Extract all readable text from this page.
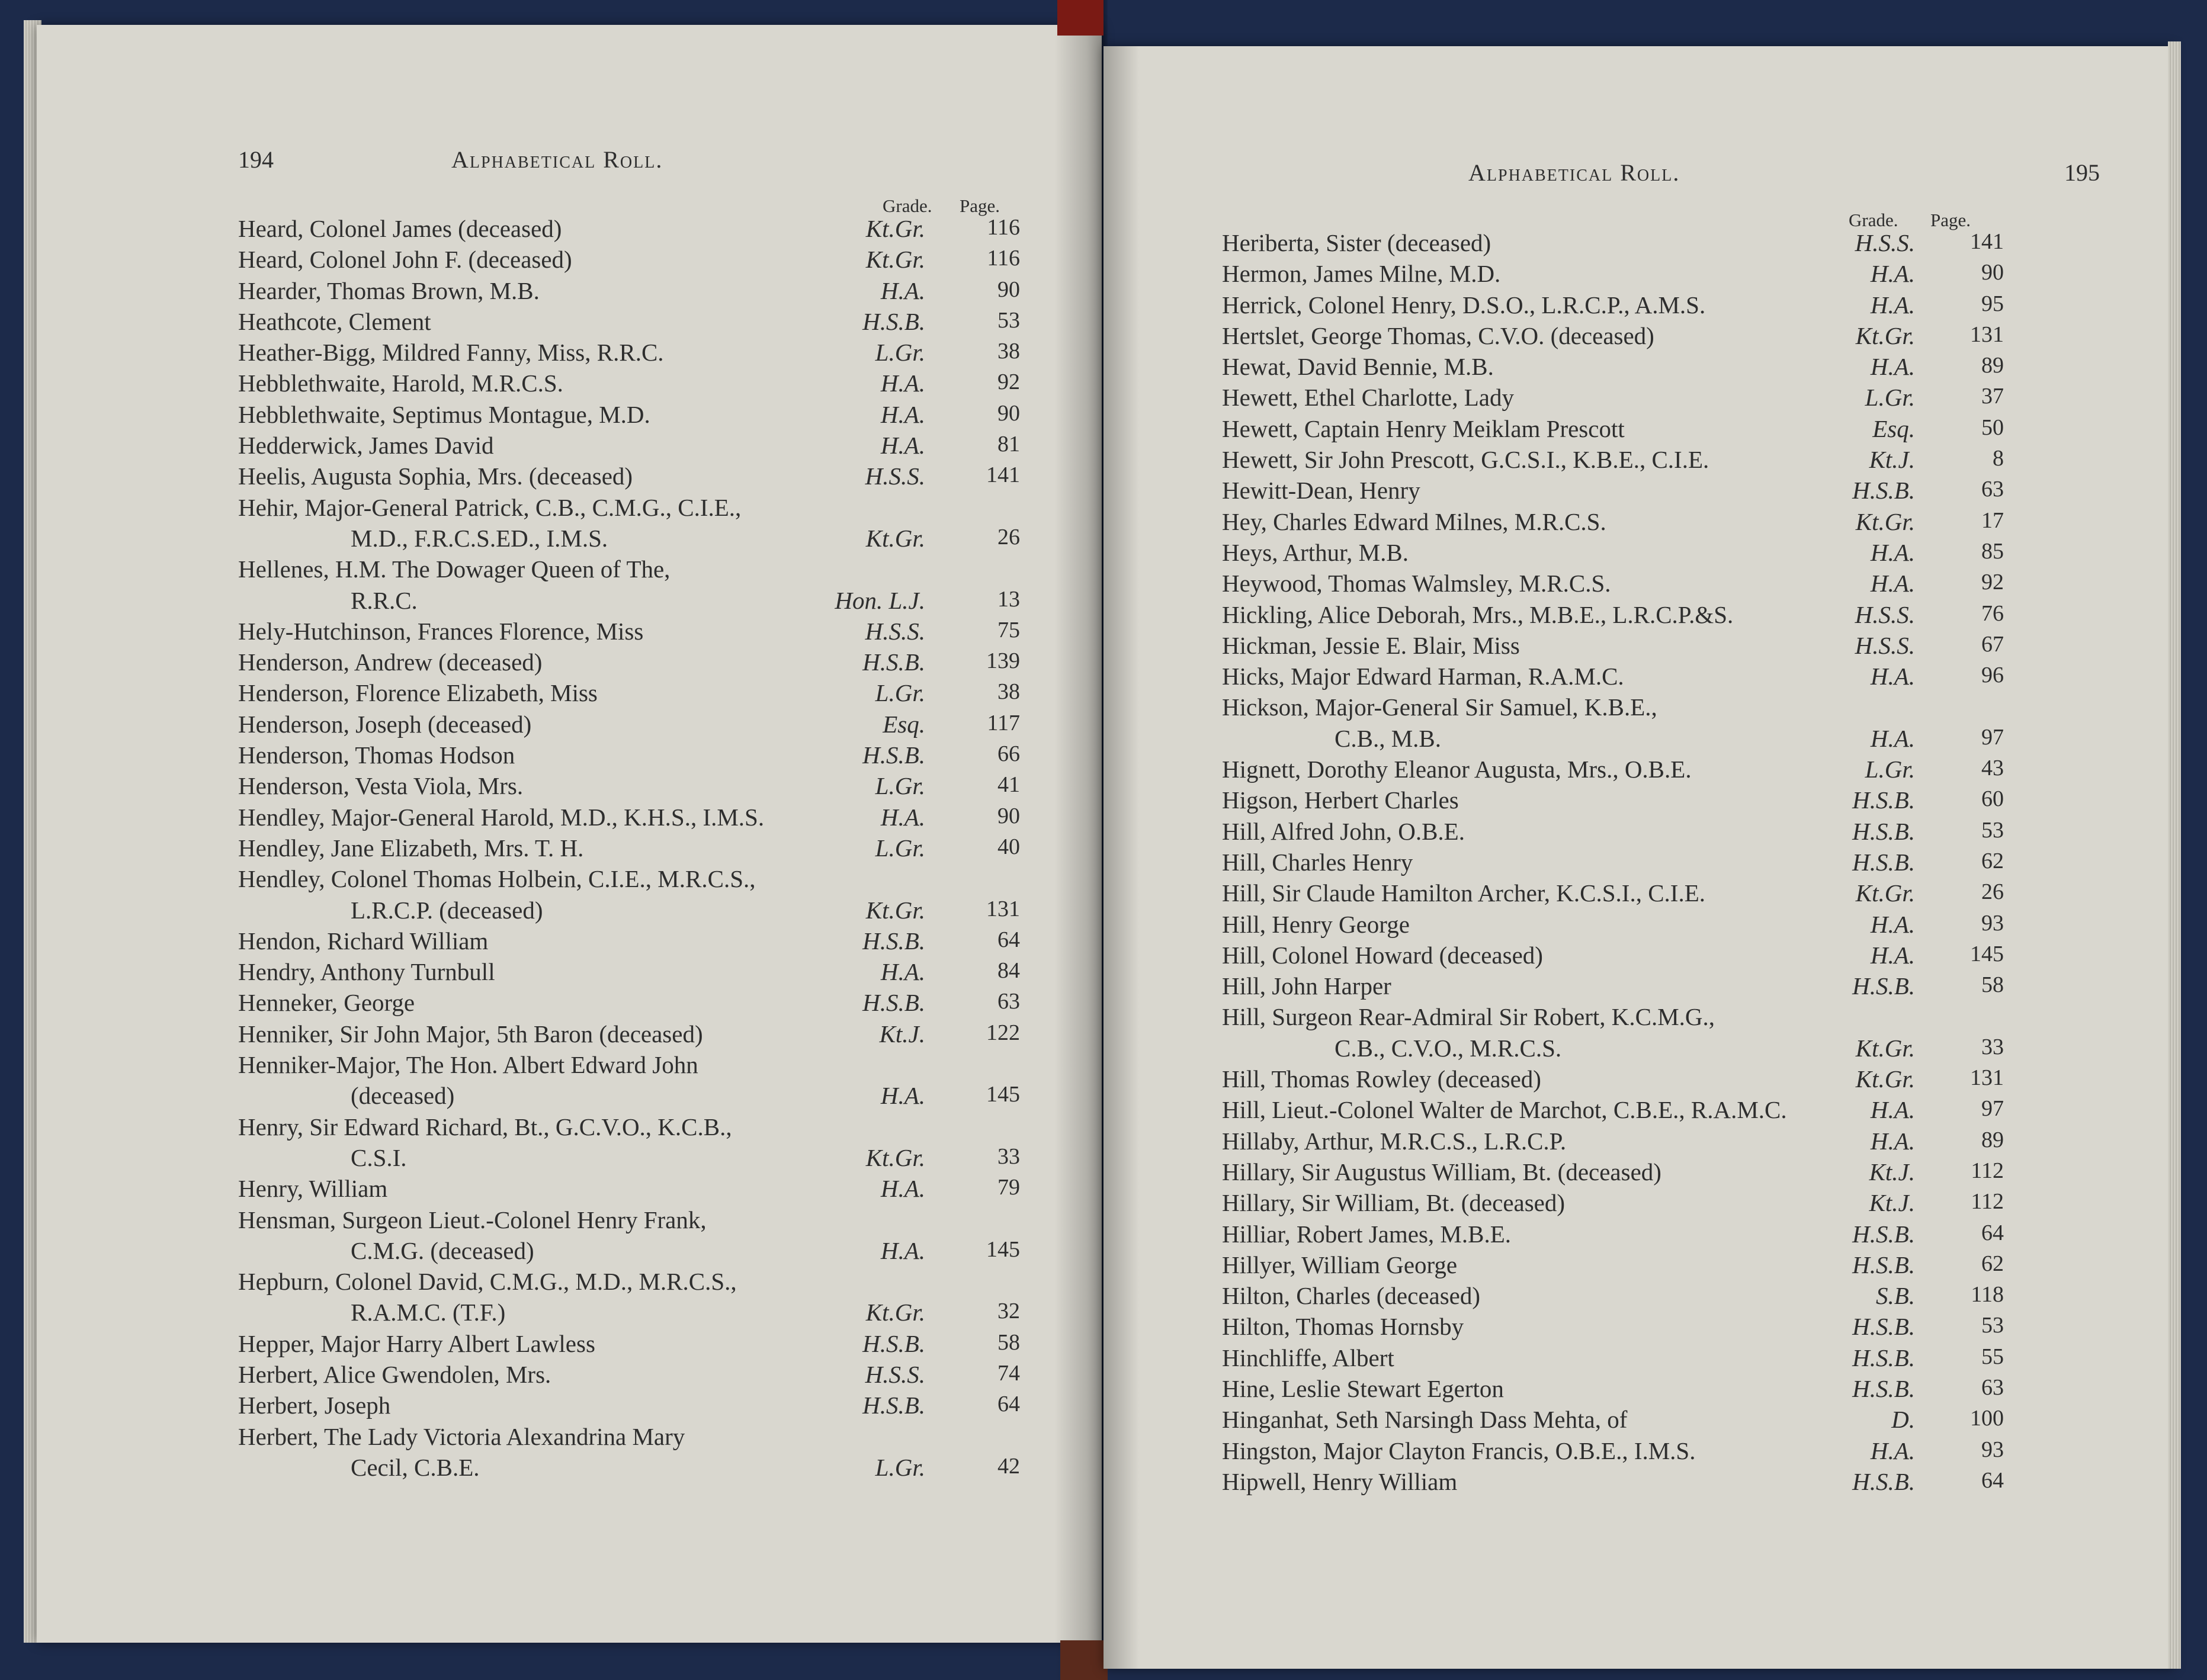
194	Alphabetical Roll.
Grade. Page.
Heard, Colonel James (deceased)	Kt.Gr.	116
Heard, Colonel John F. (deceased)	Kt.Gr.	116
Hearder, Thomas Brown, M.B.	H.A.	90
Heathcote, Clement	H.S.B.	53
Heather-Bigg, Mildred Fanny, Miss, R.R.C.	L.Gr.	38
Hebblethwaite, Harold, M.R.C.S.	H.A.	92
Hebblethwaite, Septimus Montague, M.D.	H.A.	90
Hedderwick, James David	H.A.	81
Heelis, Augusta Sophia, Mrs. (deceased)	H.S.S.	141
Hehir, Major-General Patrick, C.B., C.M.G., C.I.E.,
M.D., F.R.C.S.ED., I.M.S.	Kt.Gr.	26
Hellenes, H.M. The Dowager Queen of The,
R.R.C.	Hon. L.J.	13
Hely-Hutchinson, Frances Florence, Miss	H.S.S.	75
Henderson, Andrew (deceased)	H.S.B.	139
Henderson, Florence Elizabeth, Miss	L.Gr.	38
Henderson, Joseph (deceased)	Esq.	117
Henderson, Thomas Hodson	H.S.B.	66
Henderson, Vesta Viola, Mrs.	L.Gr.	41
Hendley, Major-General Harold, M.D., K.H.S., I.M.S.	H.A.	90
Hendley, Jane Elizabeth, Mrs. T. H.	L.Gr.	40
Hendley, Colonel Thomas Holbein, C.I.E., M.R.C.S.,
L.R.C.P. (deceased)	Kt.Gr.	131
Hendon, Richard William	H.S.B.	64
Hendry, Anthony Turnbull	H.A.	84
Henneker, George	H.S.B.	63
Henniker, Sir John Major, 5th Baron (deceased)	Kt.J.	122
Henniker-Major, The Hon. Albert Edward John
(deceased)	H.A.	145
Henry, Sir Edward Richard, Bt., G.C.V.O., K.C.B.,
C.S.I.	Kt.Gr.	33
Henry, William	H.A.	79
Hensman, Surgeon Lieut.-Colonel Henry Frank,
C.M.G. (deceased)	H.A.	145
Hepburn, Colonel David, C.M.G., M.D., M.R.C.S.,
R.A.M.C. (T.F.)	Kt.Gr.	32
Hepper, Major Harry Albert Lawless	H.S.B.	58
Herbert, Alice Gwendolen, Mrs.	H.S.S.	74
Herbert, Joseph	H.S.B.	64
Herbert, The Lady Victoria Alexandrina Mary
Cecil, C.B.E.	L.Gr.	42
Alphabetical Roll.	195
Grade. Page.
Heriberta, Sister (deceased)	H.S.S. 141
Hermon, James Milne, M.D.	H.A.	90
Herrick, Colonel Henry, D.S.O., L.R.C.P., A.M.S.	H.A.	95
Hertslet, George Thomas, C.V.O. (deceased)	Kt.Gr. 131
Hewat, David Bennie, M.B.	H.A.	89
Hewett, Ethel Charlotte, Lady	L.Gr.	37
Hewett, Captain Henry Meiklam Prescott	Esq.	50
Hewett, Sir John Prescott, G.C.S.I., K.B.E., C.I.E.	Kt.J.	8
Hewitt-Dean, Henry	H.S.B.	63
Hey, Charles Edward Milnes, M.R.C.S.	Kt.Gr.	17
Heys, Arthur, M.B.	H.A.	85
Heywood, Thomas Walmsley, M.R.C.S.	H.A.	92
Hickling, Alice Deborah, Mrs., M.B.E., L.R.C.P.&S.	H.S.S.	76
Hickman, Jessie E. Blair, Miss	H.S.S.	67
Hicks, Major Edward Harman, R.A.M.C.	H.A.	96
Hickson, Major-General Sir Samuel, K.B.E.,
C.B., M.B.	H.A.	97
Hignett, Dorothy Eleanor Augusta, Mrs., O.B.E.	L.Gr.	43
Higson, Herbert Charles	H.S.B.	60
Hill, Alfred John, O.B.E.	H.S.B.	53
Hill, Charles Henry	H.S.B.	62
Hill, Sir Claude Hamilton Archer, K.C.S.I., C.I.E.	Kt.Gr.	26
Hill, Henry George	H.A.	93
Hill, Colonel Howard (deceased)	H.A. 145
Hill, John Harper	H.S.B.	58
Hill, Surgeon Rear-Admiral Sir Robert, K.C.M.G.,
C.B., C.V.O., M.R.C.S.	Kt.Gr.	33
Hill, Thomas Rowley (deceased)	Kt.Gr. 131
Hill, Lieut.-Colonel Walter de Marchot, C.B.E., R.A.M.C.	H.A.	97
Hillaby, Arthur, M.R.C.S., L.R.C.P.	H.A.	89
Hillary, Sir Augustus William, Bt. (deceased)	Kt.J. 112
Hillary, Sir William, Bt. (deceased)	Kt.J. 112
Hilliar, Robert James, M.B.E.	H.S.B.	64
Hillyer, William George	H.S.B.	62
Hilton, Charles (deceased)	S.B. 118
Hilton, Thomas Hornsby	H.S.B.	53
Hinchliffe, Albert	H.S.B.	55
Hine, Leslie Stewart Egerton	H.S.B.	63
Hinganhat, Seth Narsingh Dass Mehta, of	D. 100
Hingston, Major Clayton Francis, O.B.E., I.M.S.	H.A.	93
Hipwell, Henry William	H.S.B.	64
